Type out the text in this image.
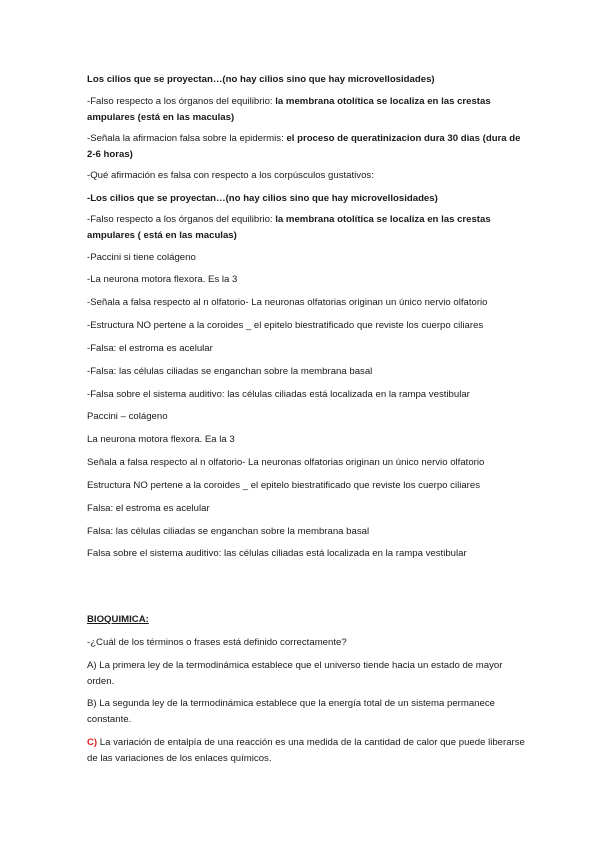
Los cilios que se proyectan…(no hay cilios sino que hay microvellosidades)

-Falso respecto a los órganos del equilibrio: la membrana otolítica se localiza en las crestas ampulares (está en las maculas)

-Señala la afirmacion falsa sobre la epidermis: el proceso de queratinizacion dura 30 dias (dura de 2-6 horas)

-Qué afirmación es falsa con respecto a los corpúsculos gustativos:

-Los cilios que se proyectan…(no hay cilios sino que hay microvellosidades)

-Falso respecto a los órganos del equilibrio: la membrana otolítica se localiza en las crestas ampulares ( está en las maculas)

-Paccini si tiene colágeno

-La neurona motora flexora. Es la 3

-Señala a falsa respecto al n olfatorio- La neuronas olfatorias originan un único nervio olfatorio

-Estructura NO pertene a la coroides _ el epitelo biestratificado que reviste los cuerpo ciliares

-Falsa: el estroma es acelular

-Falsa: las células ciliadas se enganchan sobre la membrana basal

-Falsa sobre el sistema auditivo: las células ciliadas está localizada en la rampa vestibular

Paccini – colágeno

La neurona motora flexora. Ea la 3

Señala a falsa respecto al n olfatorio- La neuronas olfatorias originan un único nervio olfatorio

Estructura NO pertene a la coroides _ el epitelo biestratificado que reviste los cuerpo ciliares

Falsa: el estroma es acelular

Falsa: las células ciliadas se enganchan sobre la membrana basal

Falsa sobre el sistema auditivo: las células ciliadas está localizada en la rampa vestibular

BIOQUIMICA:

-¿Cuál de los términos o frases está definido correctamente?

A) La primera ley de la termodinámica establece que el universo tiende hacia un estado de mayor orden.

B) La segunda ley de la termodinámica establece que la energía total de un sistema permanece constante.

C) La variación de entalpía de una reacción es una medida de la cantidad de calor que puede liberarse de las variaciones de los enlaces químicos.
